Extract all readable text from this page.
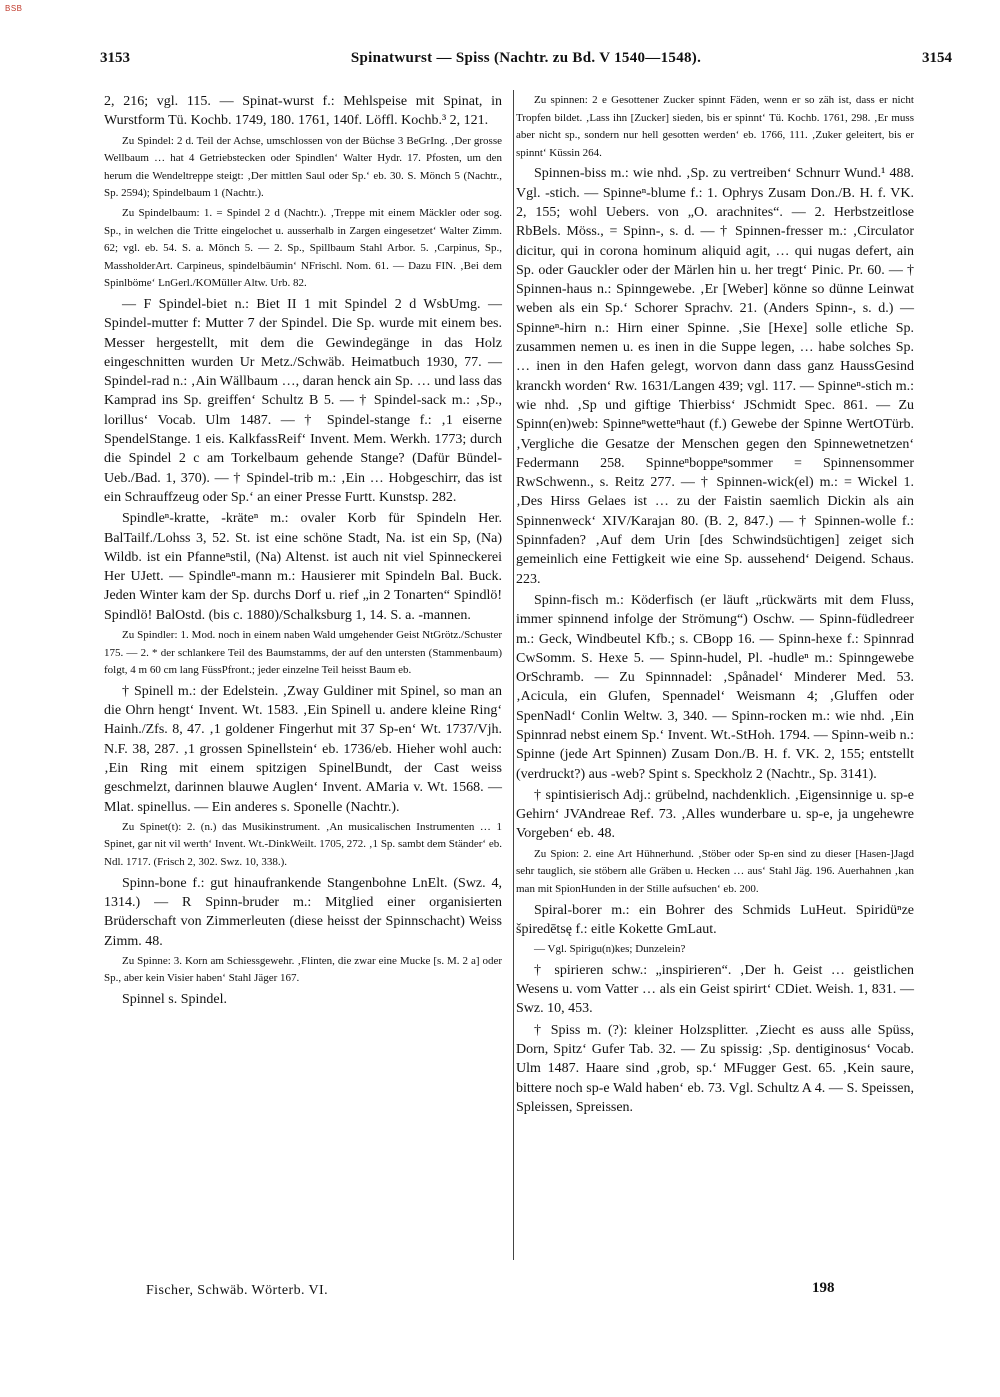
BSB
3153	Spinatwurst — Spiss (Nachtr. zu Bd. V 1540—1548).	3154

2, 216; vgl. 115. — Spinat-wurst f.: Mehlspeise mit Spinat, in Wurstform Tü. Kochb. 1749, 180. 1761, 140f. Löffl. Kochb.³ 2, 121.

Zu Spindel: 2 d. Teil der Achse, umschlossen von der Büchse 3 BeGrIng. ‚Der grosse Wellbaum … hat 4 Getriebstecken oder Spindlen‘ Walter Hydr. 17. Pfosten, um den herum die Wendeltreppe steigt: ‚Der mittlen Saul oder Sp.‘ eb. 30. S. Mönch 5 (Nachtr., Sp. 2594); Spindelbaum 1 (Nachtr.).

Zu Spindelbaum: 1. = Spindel 2 d (Nachtr.). ‚Treppe mit einem Mäckler oder sog. Sp., in welchen die Tritte eingelochet u. ausserhalb in Zargen eingesetzet‘ Walter Zimm. 62; vgl. eb. 54. S. a. Mönch 5. — 2. Sp., Spillbaum Stahl Arbor. 5. ‚Carpinus, Sp., MassholderArt. Carpineus, spindelbäumin‘ NFrischl. Nom. 61. — Dazu FIN. ‚Bei dem Spinlböme‘ LnGerl./KOMüller Altw. Urb. 82.

— F Spindel-biet n.: Biet II 1 mit Spindel 2 d WsbUmg. — Spindel-mutter f: Mutter 7 der Spindel. Die Sp. wurde mit einem bes. Messer hergestellt, mit dem die Gewindegänge in das Holz eingeschnitten wurden Ur Metz./Schwäb. Heimatbuch 1930, 77. — Spindel-rad n.: ‚Ain Wällbaum …, daran henck ain Sp. … und lass das Kamprad ins Sp. greiffen‘ Schultz B 5. — † Spindel-sack m.: ‚Sp., lorillus‘ Vocab. Ulm 1487. — † Spindel-stange f.: ‚1 eiserne SpendelStange. 1 eis. KalkfassReif‘ Invent. Mem. Werkh. 1773; durch die Spindel 2 c am Torkelbaum gehende Stange? (Dafür Bündel- Ueb./Bad. 1, 370). — † Spindel-trib m.: ‚Ein … Hobgeschirr, das ist ein Schrauffzeug oder Sp.‘ an einer Presse Furtt. Kunstsp. 282.

Spindleⁿ-kratte, -kräteⁿ m.: ovaler Korb für Spindeln Her. BalTailf./Lohss 3, 52. St. ist eine schöne Stadt, Na. ist ein Sp, (Na) Wildb. ist ein Pfanneⁿstil, (Na) Altenst. ist auch nit viel Spinneckerei Her UJett. — Spindleⁿ-mann m.: Hausierer mit Spindeln Bal. Buck. Jeden Winter kam der Sp. durchs Dorf u. rief „in 2 Tonarten“ Spindlö! Spindlö! BalOstd. (bis c. 1880)/Schalksburg 1, 14. S. a. -mannen.

Zu Spindler: 1. Mod. noch in einem naben Wald umgehender Geist NtGrötz./Schuster 175. — 2. * der schlankere Teil des Baumstamms, der auf den untersten (Stammenbaum) folgt, 4 m 60 cm lang FüssPfront.; jeder einzelne Teil heisst Baum eb.

† Spinell m.: der Edelstein. ‚Zway Guldiner mit Spinel, so man an die Ohrn hengt‘ Invent. Wt. 1583. ‚Ein Spinell u. andere kleine Ring‘ Hainh./Zfs. 8, 47. ‚1 goldener Fingerhut mit 37 Sp-en‘ Wt. 1737/Vjh. N.F. 38, 287. ‚1 grossen Spinellstein‘ eb. 1736/eb. Hieher wohl auch: ‚Ein Ring mit einem spitzigen SpinelBundt, der Cast weiss geschmelzt, darinnen blauwe Auglen‘ Invent. AMaria v. Wt. 1568. — Mlat. spinellus. — Ein anderes s. Sponelle (Nachtr.).

Zu Spinet(t): 2. (n.) das Musikinstrument. ‚An musicalischen Instrumenten … 1 Spinet, gar nit vil werth‘ Invent. Wt.-DinkWeilt. 1705, 272. ‚1 Sp. sambt dem Ständer‘ eb. Ndl. 1717. (Frisch 2, 302. Swz. 10, 338.).

Spinn-bone f.: gut hinaufrankende Stangenbohne LnElt. (Swz. 4, 1314.) — R Spinn-bruder m.: Mitglied einer organisierten Brüderschaft von Zimmerleuten (diese heisst der Spinnschacht) Weiss Zimm. 48.

Zu Spinne: 3. Korn am Schiessgewehr. ‚Flinten, die zwar eine Mucke [s. M. 2 a] oder Sp., aber kein Visier haben‘ Stahl Jäger 167.

Spinnel s. Spindel.

Zu spinnen: 2 e Gesottener Zucker spinnt Fäden, wenn er so zäh ist, dass er nicht Tropfen bildet. ‚Lass ihn [Zucker] sieden, bis er spinnt‘ Tü. Kochb. 1761, 298. ‚Er muss aber nicht sp., sondern nur hell gesotten werden‘ eb. 1766, 111. ‚Zuker geleitert, bis er spinnt‘ Küssin 264.

Spinnen-biss m.: wie nhd. ‚Sp. zu vertreiben‘ Schnurr Wund.¹ 488. Vgl. -stich. — Spinneⁿ-blume f.: 1. Ophrys Zusam Don./B. H. f. VK. 2, 155; wohl Uebers. von „O. arachnites“. — 2. Herbstzeitlose RbBels. Möss., = Spinn-, s. d. — † Spinnen-fresser m.: ‚Circulator dicitur, qui in corona hominum aliquid agit, … qui nugas defert, ain Sp. oder Gauckler oder der Märlen hin u. her tregt‘ Pinic. Pr. 60. — † Spinnen-haus n.: Spinngewebe. ‚Er [Weber] könne so dünne Leinwat weben als ein Sp.‘ Schorer Sprachv. 21. (Anders Spinn-, s. d.) — Spinneⁿ-hirn n.: Hirn einer Spinne. ‚Sie [Hexe] solle etliche Sp. zusammen nemen u. es inen in die Suppe legen, … habe solches Sp. … inen in den Hafen gelegt, worvon dann dass ganz HaussGesind kranckh worden‘ Rw. 1631/Langen 439; vgl. 117. — Spinneⁿ-stich m.: wie nhd. ‚Sp und giftige Thierbiss‘ JSchmidt Spec. 861. — Zu Spinn(en)web: Spinneⁿwetteⁿhaut (f.) Gewebe der Spinne WertOTürb. ‚Vergliche die Gesatze der Menschen gegen den Spinnewetnetzen‘ Federmann 258. Spinneⁿboppeⁿsommer = Spinnensommer RwSchwenn., s. Reitz 277. — † Spinnen-wick(el) m.: = Wickel 1. ‚Des Hirss Gelaes ist … zu der Faistin saemlich Dickin als ain Spinnenweck‘ XIV/Karajan 80. (B. 2, 847.) — † Spinnen-wolle f.: Spinnfaden? ‚Auf dem Urin [des Schwindsüchtigen] zeiget sich gemeinlich eine Fettigkeit wie eine Sp. aussehend‘ Deigend. Schaus. 223.

Spinn-fisch m.: Köderfisch (er läuft „rückwärts mit dem Fluss, immer spinnend infolge der Strömung“) Oschw. — Spinn-füdledreer m.: Geck, Windbeutel Kfb.; s. CBopp 16. — Spinn-hexe f.: Spinnrad CwSomm. S. Hexe 5. — Spinn-hudel, Pl. -hudleⁿ m.: Spinngewebe OrSchramb. — Zu Spinnnadel: ‚Spånadel‘ Minderer Med. 53. ‚Acicula, ein Glufen, Spennadel‘ Weismann 4; ‚Gluffen oder SpenNadl‘ Conlin Weltw. 3, 340. — Spinn-rocken m.: wie nhd. ‚Ein Spinnrad nebst einem Sp.‘ Invent. Wt.-StHoh. 1794. — Spinn-weib n.: Spinne (jede Art Spinnen) Zusam Don./B. H. f. VK. 2, 155; entstellt (verdruckt?) aus -web? Spint s. Speckholz 2 (Nachtr., Sp. 3141).

† spintisierisch Adj.: grübelnd, nachdenklich. ‚Eigensinnige u. sp-e Gehirn‘ JVAndreae Ref. 73. ‚Alles wunderbare u. sp-e, ja ungehewre Vorgeben‘ eb. 48.

Zu Spion: 2. eine Art Hühnerhund. ‚Stöber oder Sp-en sind zu dieser [Hasen-]Jagd sehr tauglich, sie stöbern alle Gräben u. Hecken … aus‘ Stahl Jäg. 196. Auerhahnen ‚kan man mit SpionHunden in der Stille aufsuchen‘ eb. 200.

Spiral-borer m.: ein Bohrer des Schmids LuHeut. Spiridüⁿze špiredētsę f.: eitle Kokette GmLaut.

— Vgl. Spirigu(n)kes; Dunzelein?

† spirieren schw.: „inspirieren“. ‚Der h. Geist … geistlichen Wesens u. vom Vatter … als ein Geist spirirt‘ CDiet. Weish. 1, 831. — Swz. 10, 453.

† Spiss m. (?): kleiner Holzsplitter. ‚Ziecht es auss alle Spüss, Dorn, Spitz‘ Gufer Tab. 32. — Zu spissig: ‚Sp. dentiginosus‘ Vocab. Ulm 1487. Haare sind ‚grob, sp.‘ MFugger Gest. 65. ‚Kein saure, bittere noch sp-e Wald haben‘ eb. 73. Vgl. Schultz A 4. — S. Speissen, Spleissen, Spreissen.

Fischer, Schwäb. Wörterb. VI.	198
